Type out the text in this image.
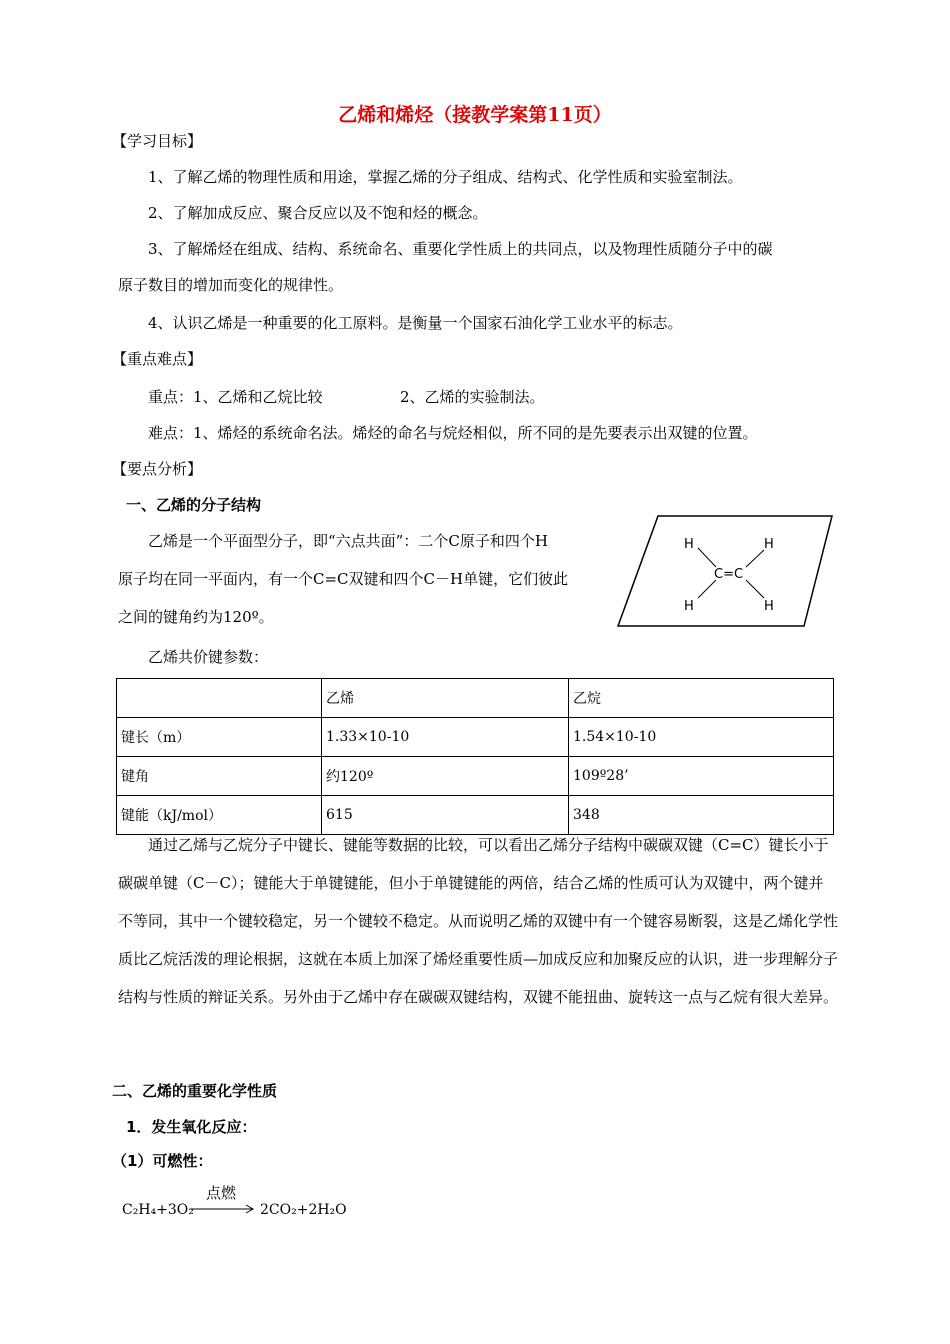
乙烯和烯烃（接教学案第11页）
【学习目标】
1、了解乙烯的物理性质和用途，掌握乙烯的分子组成、结构式、化学性质和实验室制法。
2、了解加成反应、聚合反应以及不饱和烃的概念。
3、了解烯烃在组成、结构、系统命名、重要化学性质上的共同点，以及物理性质随分子中的碳
原子数目的增加而变化的规律性。
4、认识乙烯是一种重要的化工原料。是衡量一个国家石油化学工业水平的标志。
【重点难点】
重点：1、乙烯和乙烷比较	2、乙烯的实验制法。
难点：1、烯烃的系统命名法。烯烃的命名与烷烃相似，所不同的是先要表示出双键的位置。
【要点分析】
一、乙烯的分子结构
乙烯是一个平面型分子，即“六点共面”：二个C原子和四个H
原子均在同一平面内，有一个C=C双键和四个C－H单键，它们彼此
之间的键角约为120º。
H	H
C=C
H	H
乙烯共价键参数：
	乙烯	乙烷
键长（m）	1.33×10-10	1.54×10-10
键角	约120º	109º28’
键能（kJ/mol）	615	348
通过乙烯与乙烷分子中键长、键能等数据的比较，可以看出乙烯分子结构中碳碳双键（C=C）键长小于碳碳单键（C－C）；键能大于单键键能，但小于单键键能的两倍，结合乙烯的性质可认为双键中，两个键并不等同，其中一个键较稳定，另一个键较不稳定。从而说明乙烯的双键中有一个键容易断裂，这是乙烯化学性质比乙烷活泼的理论根据，这就在本质上加深了烯烃重要性质—加成反应和加聚反应的认识，进一步理解分子结构与性质的辩证关系。另外由于乙烯中存在碳碳双键结构，双键不能扭曲、旋转这一点与乙烷有很大差异。
二、乙烯的重要化学性质
1．发生氧化反应：
（1）可燃性：
C₂H₄+3O₂
点燃
2CO₂+2H₂O
